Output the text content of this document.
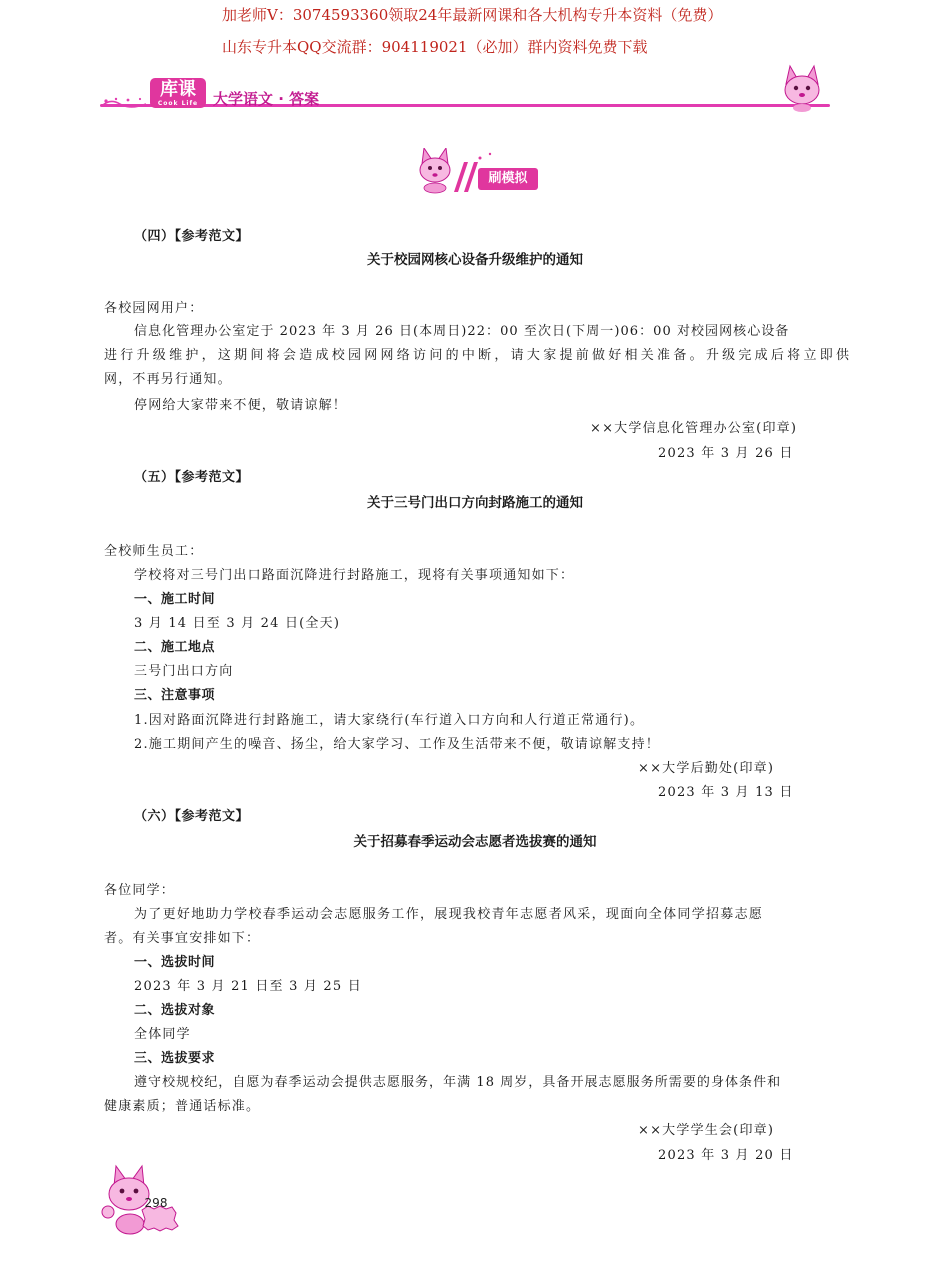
加老师V：3074593360领取24年最新网课和各大机构专升本资料（免费）
山东专升本QQ交流群：904119021（必加）群内资料免费下载
库课
Cook Life 大学语文 · 答案
刷模拟
（四）【参考范文】
关于校园网核心设备升级维护的通知
各校园网用户：
信息化管理办公室定于 2023 年 3 月 26 日(本周日)22：00 至次日(下周一)06：00 对校园网核心设备
进行升级维护，这期间将会造成校园网网络访问的中断，请大家提前做好相关准备。升级完成后将立即供
网，不再另行通知。
停网给大家带来不便，敬请谅解！
××大学信息化管理办公室(印章)
2023 年 3 月 26 日
（五）【参考范文】
关于三号门出口方向封路施工的通知
全校师生员工：
学校将对三号门出口路面沉降进行封路施工，现将有关事项通知如下：
一、施工时间
3 月 14 日至 3 月 24 日(全天)
二、施工地点
三号门出口方向
三、注意事项
1.因对路面沉降进行封路施工，请大家绕行(车行道入口方向和人行道正常通行)。
2.施工期间产生的噪音、扬尘，给大家学习、工作及生活带来不便，敬请谅解支持！
××大学后勤处(印章)
2023 年 3 月 13 日
（六）【参考范文】
关于招募春季运动会志愿者选拔赛的通知
各位同学：
为了更好地助力学校春季运动会志愿服务工作，展现我校青年志愿者风采，现面向全体同学招募志愿
者。有关事宜安排如下：
一、选拔时间
2023 年 3 月 21 日至 3 月 25 日
二、选拔对象
全体同学
三、选拔要求
遵守校规校纪，自愿为春季运动会提供志愿服务，年满 18 周岁，具备开展志愿服务所需要的身体条件和
健康素质；普通话标准。
××大学学生会(印章)
2023 年 3 月 20 日
298
